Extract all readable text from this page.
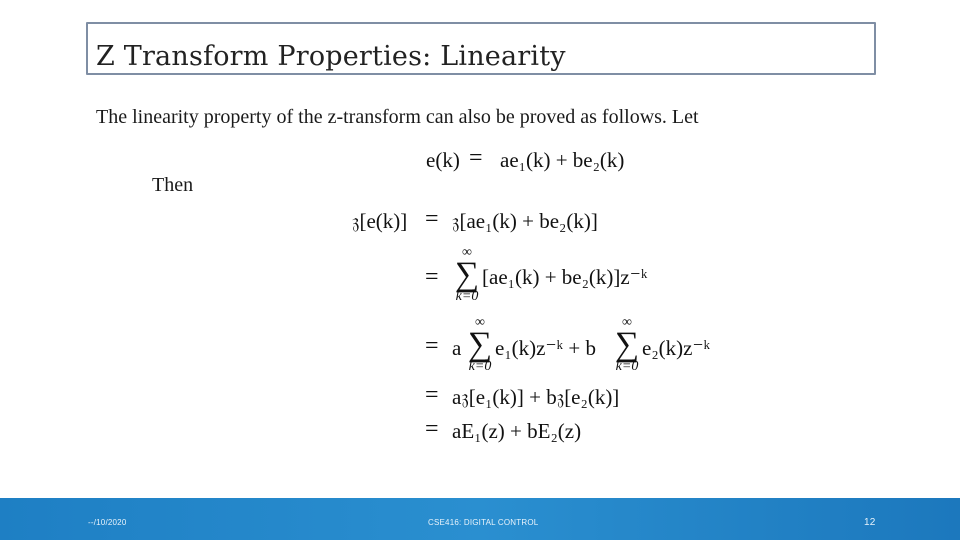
Z Transform Properties: Linearity
The linearity property of the z-transform can also be proved as follows. Let
e(k) = ae₁(k) + be₂(k)
Then
𝔷[e(k)] = 𝔷[ae₁(k) + be₂(k)]
=
∞
∑
k=0
[ae₁(k) + be₂(k)]z⁻ᵏ
= a
∞
∑
k=0
e₁(k)z⁻ᵏ + b
∞
∑
k=0
e₂(k)z⁻ᵏ
= a𝔷[e₁(k)] + b𝔷[e₂(k)]
= aE₁(z) + bE₂(z)
--/10/2020	CSE416: DIGITAL CONTROL	12
